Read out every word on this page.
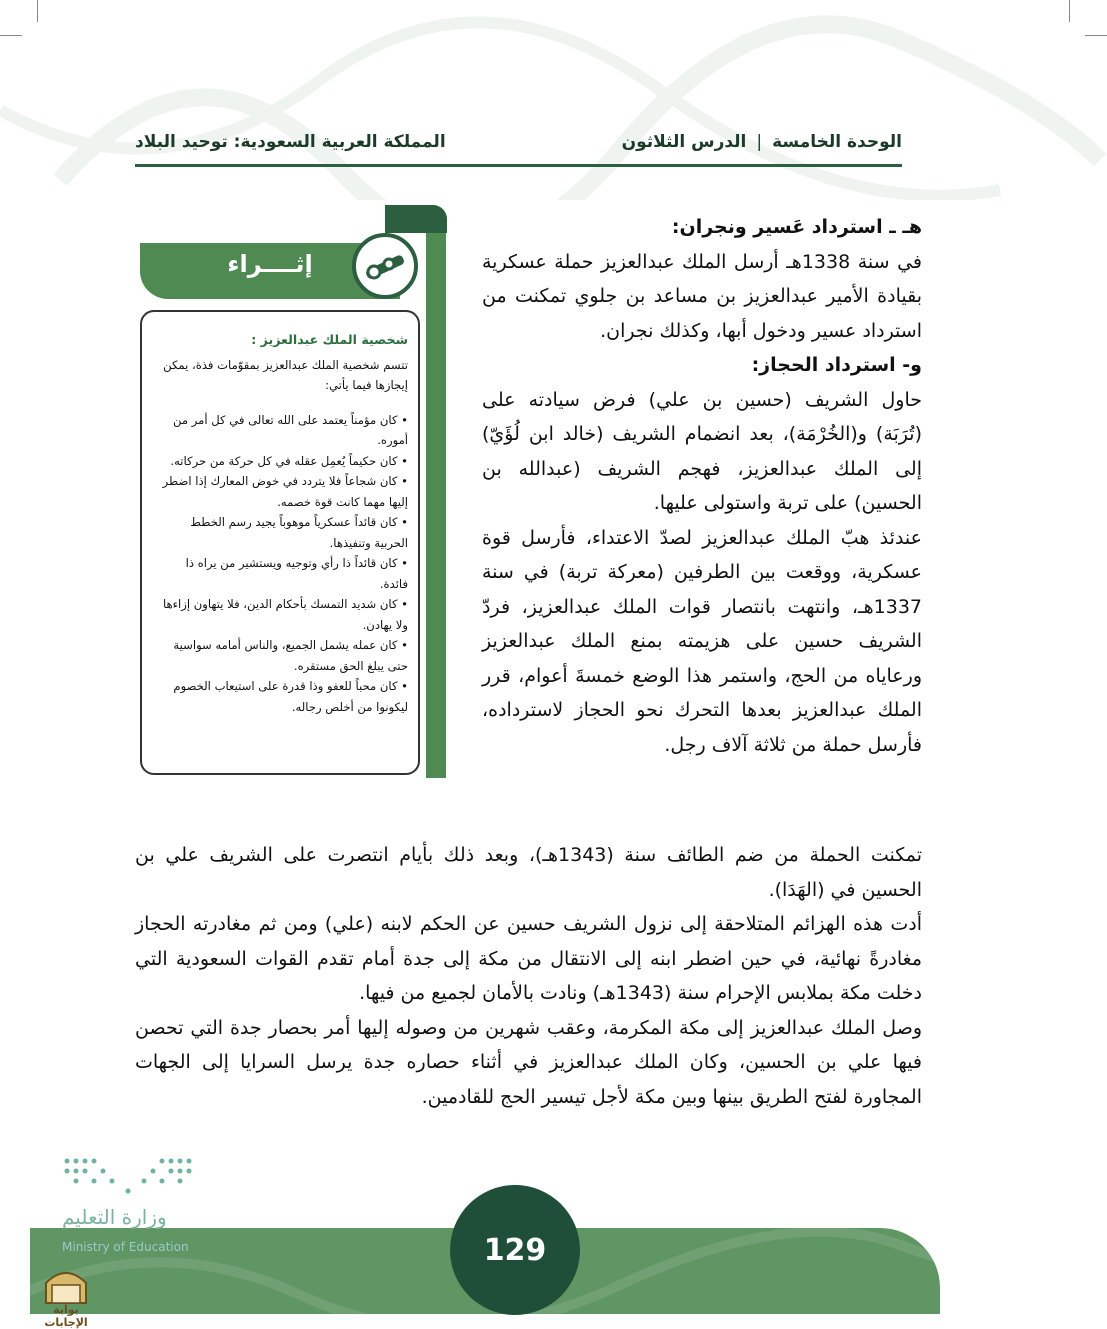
الوحدة الخامسة|الدرس الثلاثون
المملكة العربية السعودية: توحيد البلاد

هـ ـ استرداد عَسير ونجران:

في سنة 1338هـ أرسل الملك عبدالعزيز حملة عسكرية بقيادة الأمير عبدالعزيز بن مساعد بن جلوي تمكنت من استرداد عسير ودخول أبها، وكذلك نجران.

و- استرداد الحجاز:

حاول الشريف (حسين بن علي) فرض سيادته على (تُرَبَة) و(الخُرْمَة)، بعد انضمام الشريف (خالد ابن لُؤَيّ) إلى الملك عبدالعزيز، فهجم الشريف (عبدالله بن الحسين) على تربة واستولى عليها.

عندئذ هبّ الملك عبدالعزيز لصدّ الاعتداء، فأرسل قوة عسكرية، ووقعت بين الطرفين (معركة تربة) في سنة 1337هـ، وانتهت بانتصار قوات الملك عبدالعزيز، فردّ الشريف حسين على هزيمته بمنع الملك عبدالعزيز ورعاياه من الحج، واستمر هذا الوضع خمسةَ أعوام، قرر الملك عبدالعزيز بعدها التحرك نحو الحجاز لاسترداده، فأرسل حملة من ثلاثة آلاف رجل.

تمكنت الحملة من ضم الطائف سنة (1343هـ)، وبعد ذلك بأيام انتصرت على الشريف علي بن الحسين في (الهَدَا).

أدت هذه الهزائم المتلاحقة إلى نزول الشريف حسين عن الحكم لابنه (علي) ومن ثم مغادرته الحجاز مغادرةً نهائية، في حين اضطر ابنه إلى الانتقال من مكة إلى جدة أمام تقدم القوات السعودية التي دخلت مكة بملابس الإحرام سنة (1343هـ) ونادت بالأمان لجميع من فيها.

وصل الملك عبدالعزيز إلى مكة المكرمة، وعقب شهرين من وصوله إليها أمر بحصار جدة التي تحصن فيها علي بن الحسين، وكان الملك عبدالعزيز في أثناء حصاره جدة يرسل السرايا إلى الجهات المجاورة لفتح الطريق بينها وبين مكة لأجل تيسير الحج للقادمين.

إثــــراء

شخصية الملك عبدالعزيز :

تتسم شخصية الملك عبدالعزيز بمقوّمات فذة، يمكن إيجازها فيما يأتي:

• كان مؤمناً يعتمد على الله تعالى في كل أمر من أموره.
• كان حكيماً يُعمِل عقله في كل حركة من حركاته.
• كان شجاعاً فلا يتردد في خوض المعارك إذا اضطر إليها مهما كانت قوة خصمه.
• كان قائداً عسكرياً موهوباً يجيد رسم الخطط الحربية وتنفيذها.
• كان قائداً ذا رأي وتوجيه ويستشير من يراه ذا فائدة.
• كان شديد التمسك بأحكام الدين، فلا يتهاون إزاءها ولا يهادن.
• كان عمله يشمل الجميع، والناس أمامه سواسية حتى يبلغ الحق مستقره.
• كان محباً للعفو وذا قدرة على استيعاب الخصوم ليكونوا من أخلص رجاله.
129
وزارة التعليم
Ministry of Education
بوابة الإجابات
